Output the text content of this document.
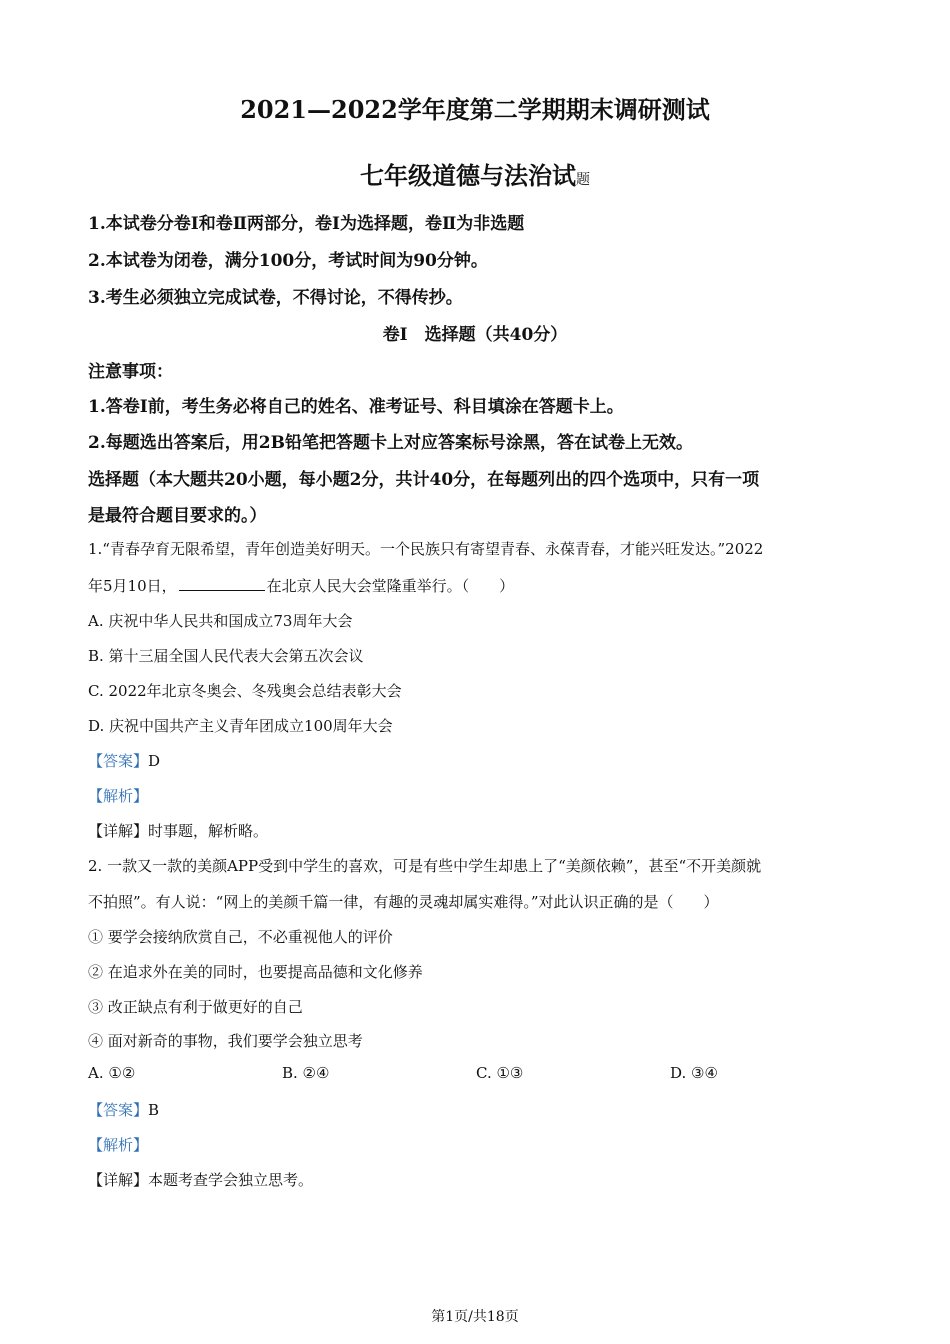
2021—2022学年度第二学期期末调研测试
七年级道德与法治试题
1.本试卷分卷Ⅰ和卷Ⅱ两部分，卷Ⅰ为选择题，卷Ⅱ为非选题
2.本试卷为闭卷，满分100分，考试时间为90分钟。
3.考生必须独立完成试卷，不得讨论，不得传抄。
卷Ⅰ　选择题（共40分）
注意事项：
1.答卷Ⅰ前，考生务必将自己的姓名、准考证号、科目填涂在答题卡上。
2.每题选出答案后，用2B铅笔把答题卡上对应答案标号涂黑，答在试卷上无效。
选择题（本大题共20小题，每小题2分，共计40分，在每题列出的四个选项中，只有一项
是最符合题目要求的。）
1.“青春孕育无限希望，青年创造美好明天。一个民族只有寄望青春、永葆青春，才能兴旺发达。”2022
年5月10日，	在北京人民大会堂隆重举行。（　　）
A. 庆祝中华人民共和国成立73周年大会
B. 第十三届全国人民代表大会第五次会议
C. 2022年北京冬奥会、冬残奥会总结表彰大会
D. 庆祝中国共产主义青年团成立100周年大会
【答案】D
【解析】
【详解】时事题，解析略。
2. 一款又一款的美颜APP受到中学生的喜欢，可是有些中学生却患上了“美颜依赖”，甚至“不开美颜就
不拍照”。有人说：“网上的美颜千篇一律，有趣的灵魂却属实难得。”对此认识正确的是（　　）
① 要学会接纳欣赏自己，不必重视他人的评价
② 在追求外在美的同时，也要提高品德和文化修养
③ 改正缺点有利于做更好的自己
④ 面对新奇的事物，我们要学会独立思考
A. ①②	B. ②④	C. ①③	D. ③④
【答案】B
【解析】
【详解】本题考查学会独立思考。
第1页/共18页
